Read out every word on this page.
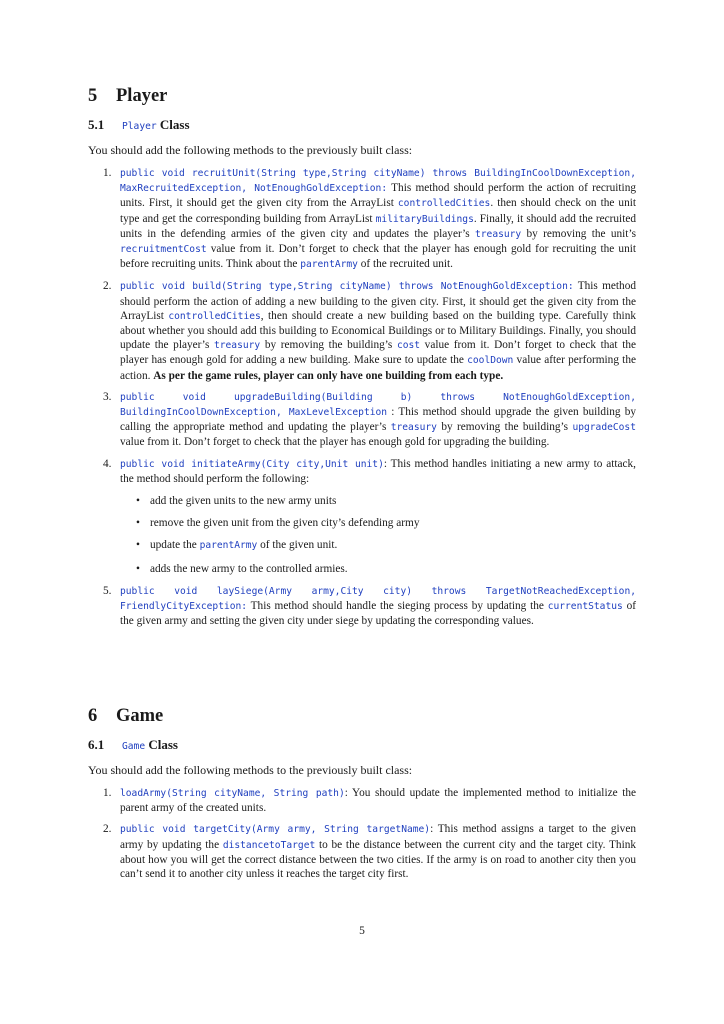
5 Player
5.1 Player Class

You should add the following methods to the previously built class:

1. public void recruitUnit(String type,String cityName) throws BuildingInCoolDownException, MaxRecruitedException, NotEnoughGoldException: This method should perform the action of recruiting units. First, it should get the given city from the ArrayList controlledCities. then should check on the unit type and get the corresponding building from ArrayList militaryBuildings. Finally, it should add the recruited units in the defending armies of the given city and updates the player’s treasury by removing the unit’s recruitmentCost value from it. Don’t forget to check that the player has enough gold for recruiting the unit before recruiting units. Think about the parentArmy of the recruited unit.
2. public void build(String type,String cityName) throws NotEnoughGoldException: This method should perform the action of adding a new building to the given city. First, it should get the given city from the ArrayList controlledCities, then should create a new building based on the building type. Carefully think about whether you should add this building to Economical Buildings or to Military Buildings. Finally, you should update the player’s treasury by removing the building’s cost value from it. Don’t forget to check that the player has enough gold for adding a new building. Make sure to update the coolDown value after performing the action. As per the game rules, player can only have one building from each type.
3. public void upgradeBuilding(Building b) throws NotEnoughGoldException, BuildingInCoolDownException, MaxLevelException : This method should upgrade the given building by calling the appropriate method and updating the player’s treasury by removing the building’s upgradeCost value from it. Don’t forget to check that the player has enough gold for upgrading the building.
4. public void initiateArmy(City city,Unit unit): This method handles initiating a new army to attack, the method should perform the following:
• add the given units to the new army units
• remove the given unit from the given city’s defending army
• update the parentArmy of the given unit.
• adds the new army to the controlled armies.
5. public void laySiege(Army army,City city) throws TargetNotReachedException, FriendlyCityException: This method should handle the sieging process by updating the currentStatus of the given army and setting the given city under siege by updating the corresponding values.
6 Game
6.1 Game Class

You should add the following methods to the previously built class:

1. loadArmy(String cityName, String path): You should update the implemented method to initialize the parent army of the created units.
2. public void targetCity(Army army, String targetName): This method assigns a target to the given army by updating the distancetoTarget to be the distance between the current city and the target city. Think about how you will get the correct distance between the two cities. If the army is on road to another city then you can’t send it to another city unless it reaches the target city first.
5
